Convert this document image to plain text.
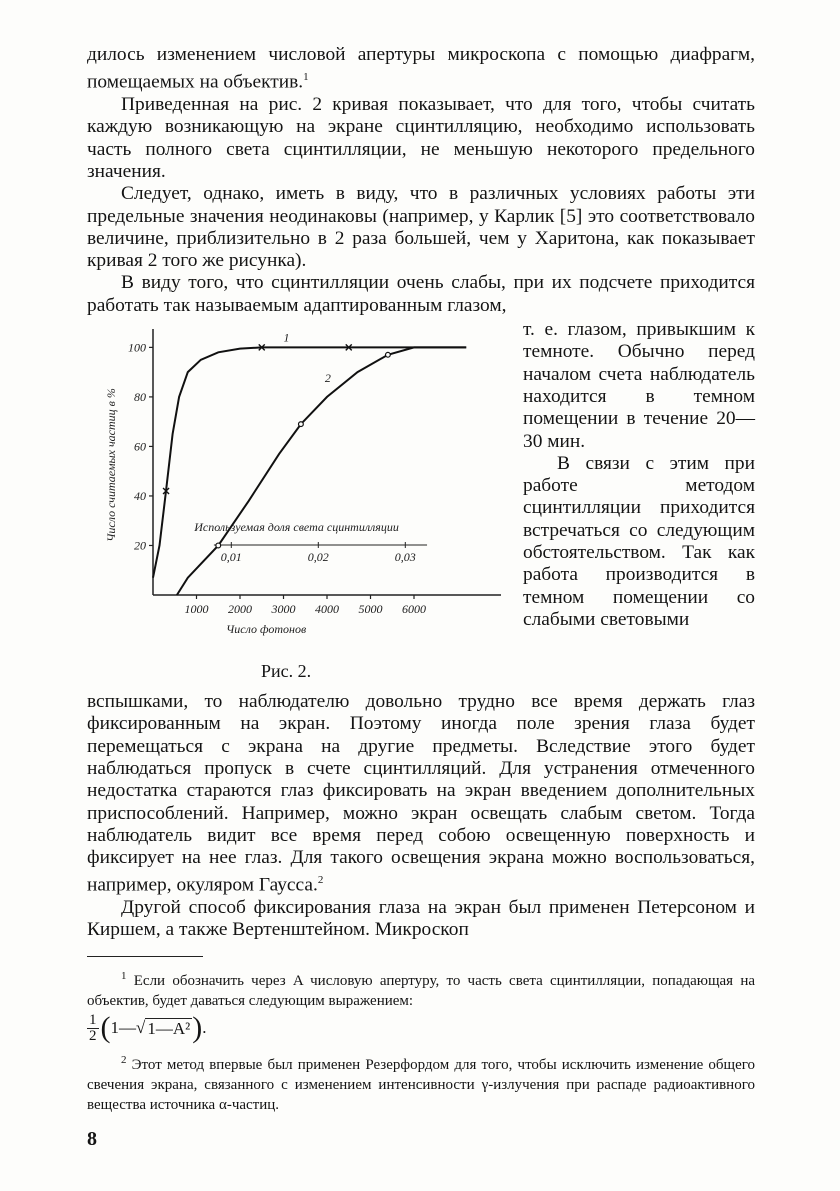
дилось изменением числовой апертуры микроскопа с помощью диафрагм, помещаемых на объектив.$^1$

Приведенная на рис. 2 кривая показывает, что для того, чтобы считать каждую возникающую на экране сцинтилляцию, необходимо использовать часть полного света сцинтилляции, не меньшую некоторого предельного значения.

Следует, однако, иметь в виду, что в различных условиях работы эти предельные значения неодинаковы (например, у Карлик [5] это соответствовало величине, приблизительно в 2 раза большей, чем у Харитона, как показывает кривая 2 того же рисунка).

В виду того, что сцинтилляции очень слабы, при их подсчете приходится работать так называемым адаптированным глазом,

20
40
60
80
100
1000 2000 3000 4000 5000 6000
Число фотонов
Число считаемых частиц в %	Используемая доля света сцинтилляции
0,01	0,02	0,03
1
2
Рис. 2.

т. е. глазом, привыкшим к темноте. Обычно перед началом счета наблюдатель находится в темном помещении в течение 20—30 мин.

В связи с этим при работе методом сцинтилляции приходится встречаться со следующим обстоятельством. Так как работа производится в темном помещении со слабыми световыми

вспышками, то наблюдателю довольно трудно все время держать глаз фиксированным на экран. Поэтому иногда поле зрения глаза будет перемещаться с экрана на другие предметы. Вследствие этого будет наблюдаться пропуск в счете сцинтилляций. Для устранения отмеченного недостатка стараются глаз фиксировать на экран введением дополнительных приспособлений. Например, можно экран освещать слабым светом. Тогда наблюдатель видит все время перед собою освещенную поверхность и фиксирует на нее глаз. Для такого освещения экрана можно воспользоваться, например, окуляром Гаусса.$^2$

Другой способ фиксирования глаза на экран был применен Петерсоном и Киршем, а также Вертенштейном. Микроскоп

$^1$ Если обозначить через A числовую апертуру, то часть света сцинтилляции, попадающая на объектив, будет даваться следующим выражением:

$\frac{1}{2}$ ( 1— √ 1—A² ) .

$^2$ Этот метод впервые был применен Резерфордом для того, чтобы исключить изменение общего свечения экрана, связанного с изменением интенсивности γ-излучения при распаде радиоактивного вещества источника α-частиц.

8
